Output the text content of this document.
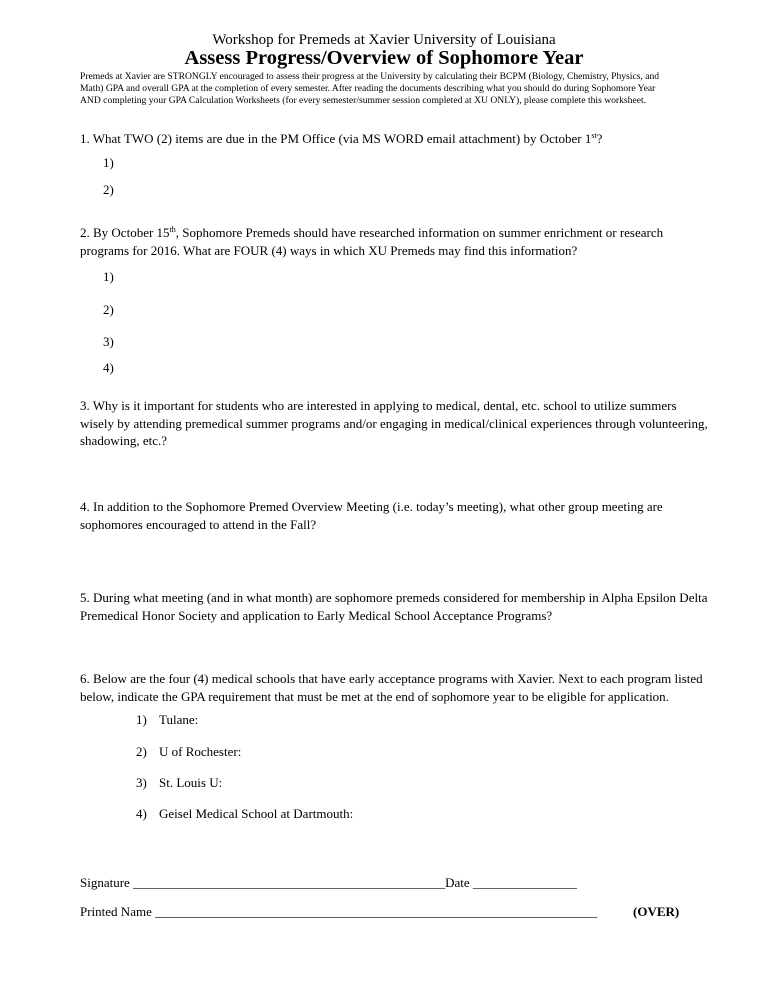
Workshop for Premeds at Xavier University of Louisiana
Assess Progress/Overview of Sophomore Year
Premeds at Xavier are STRONGLY encouraged to assess their progress at the University by calculating their BCPM (Biology, Chemistry, Physics, and
Math) GPA and overall GPA at the completion of every semester. After reading the documents describing what you should do during Sophomore Year
AND completing your GPA Calculation Worksheets (for every semester/summer session completed at XU ONLY), please complete this worksheet.
1. What TWO (2) items are due in the PM Office (via MS WORD email attachment) by October 1st?
1)
2)
2. By October 15th, Sophomore Premeds should have researched information on summer enrichment or research programs for 2016. What are FOUR (4) ways in which XU Premeds may find this information?
1)
2)
3)
4)
3. Why is it important for students who are interested in applying to medical, dental, etc. school to utilize summers wisely by attending premedical summer programs and/or engaging in medical/clinical experiences through volunteering, shadowing, etc.?
4. In addition to the Sophomore Premed Overview Meeting (i.e. today’s meeting), what other group meeting are sophomores encouraged to attend in the Fall?
5. During what meeting (and in what month) are sophomore premeds considered for membership in Alpha Epsilon Delta Premedical Honor Society and application to Early Medical School Acceptance Programs?
6. Below are the four (4) medical schools that have early acceptance programs with Xavier. Next to each program listed below, indicate the GPA requirement that must be met at the end of sophomore year to be eligible for application.
1) Tulane:
2) U of Rochester:
3) St. Louis U:
4) Geisel Medical School at Dartmouth:
Signature ________________________________________________Date ________________
Printed Name ____________________________________________________________________	(OVER)
